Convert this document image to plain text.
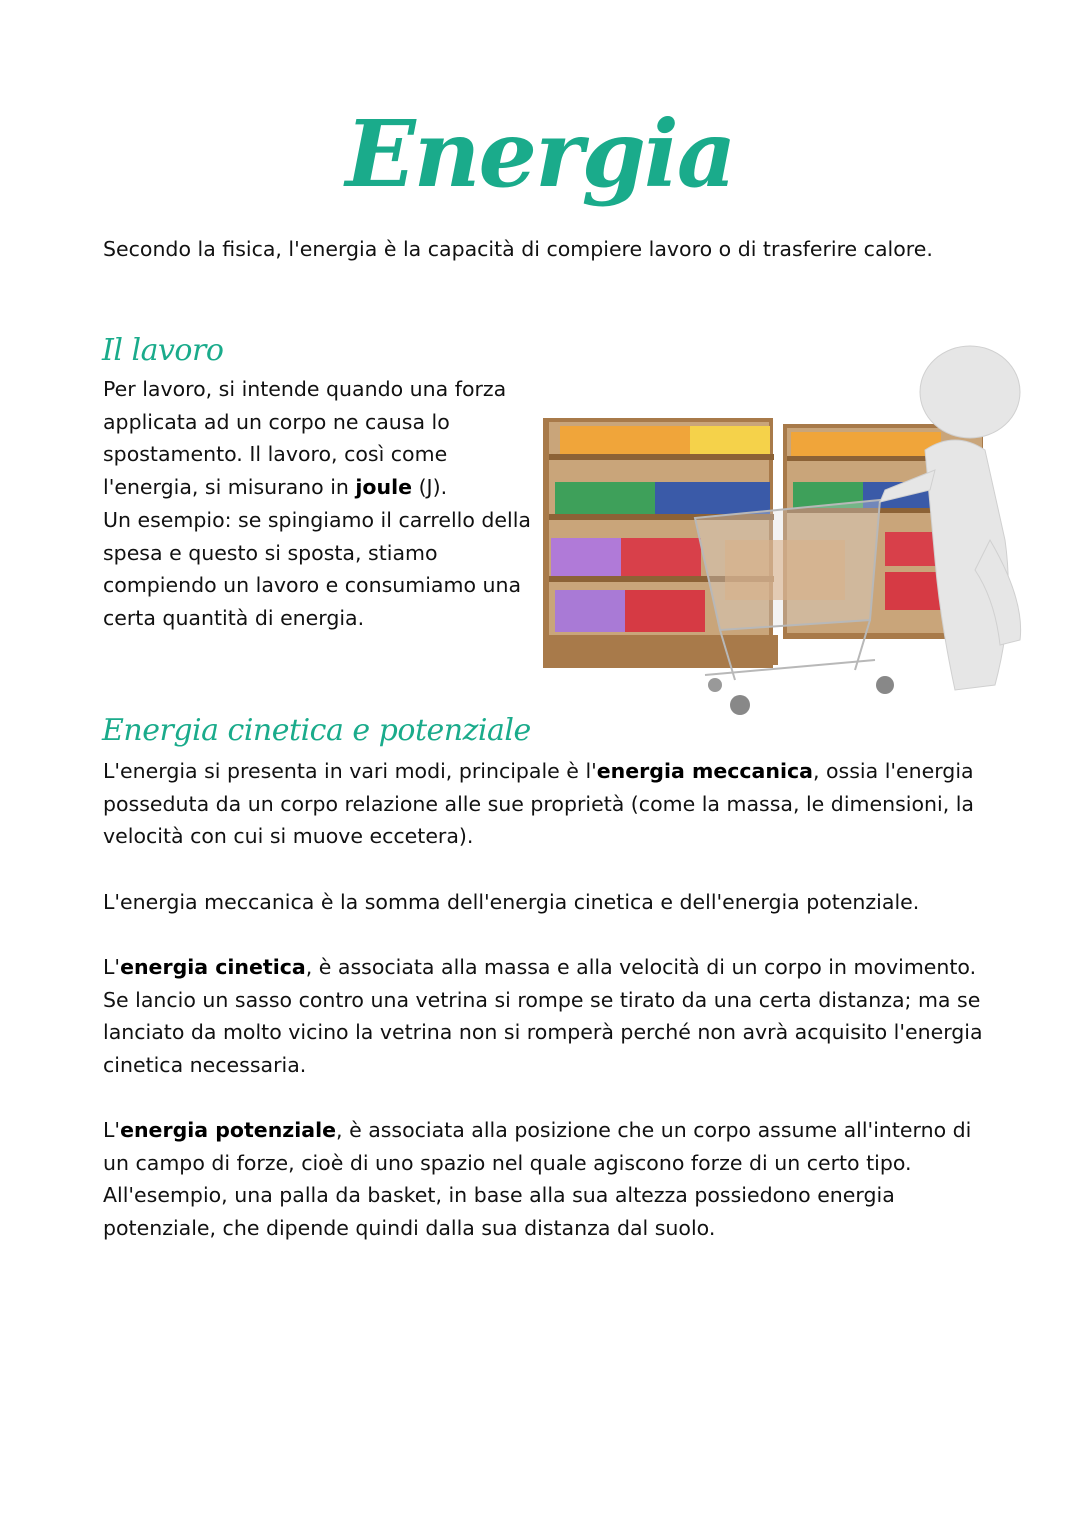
Energia

Secondo la fisica, l'energia è la capacità di compiere lavoro o di trasferire calore.

Il lavoro

Per lavoro, si intende quando una forza applicata ad un corpo ne causa lo spostamento. Il lavoro, così come l'energia, si misurano in joule (J).
Un esempio: se spingiamo il carrello della spesa e questo si sposta, stiamo compiendo un lavoro e consumiamo una certa quantità di energia.

Energia cinetica e potenziale

L'energia si presenta in vari modi, principale è l'energia meccanica, ossia l'energia posseduta da un corpo relazione alle sue proprietà (come la massa, le dimensioni, la velocità con cui si muove eccetera).

L'energia meccanica è la somma dell'energia cinetica e dell'energia potenziale.

L'energia cinetica, è associata alla massa e alla velocità di un corpo in movimento. Se lancio un sasso contro una vetrina si rompe se tirato da una certa distanza; ma se lanciato da molto vicino la vetrina non si romperà perché non avrà acquisito l'energia cinetica necessaria.

L'energia potenziale, è associata alla posizione che un corpo assume all'interno di un campo di forze, cioè di uno spazio nel quale agiscono forze di un certo tipo. All'esempio, una palla da basket, in base alla sua altezza possiedono energia potenziale, che dipende quindi dalla sua distanza dal suolo.
